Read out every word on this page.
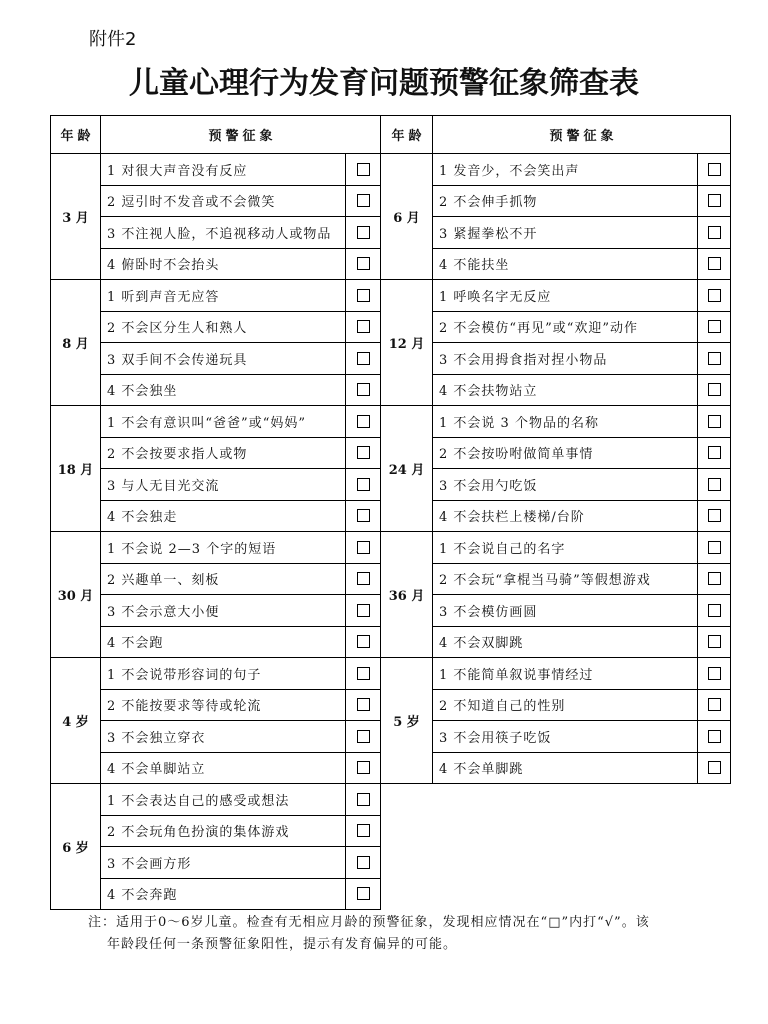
附件2
儿童心理行为发育问题预警征象筛查表
年龄	预警征象		年龄	预警征象	
3 月	1 对很大声音没有反应		6 月	1 发音少，不会笑出声	
	2 逗引时不发音或不会微笑			2 不会伸手抓物	
	3 不注视人脸，不追视移动人或物品			3 紧握拳松不开	
	4 俯卧时不会抬头			4 不能扶坐	
8 月	1 听到声音无应答		12 月	1 呼唤名字无反应	
	2 不会区分生人和熟人			2 不会模仿“再见”或“欢迎”动作	
	3 双手间不会传递玩具			3 不会用拇食指对捏小物品	
	4 不会独坐			4 不会扶物站立	
18 月	1 不会有意识叫“爸爸”或“妈妈”		24 月	1 不会说 3 个物品的名称	
	2 不会按要求指人或物			2 不会按吩咐做简单事情	
	3 与人无目光交流			3 不会用勺吃饭	
	4 不会独走			4 不会扶栏上楼梯/台阶	
30 月	1 不会说 2—3 个字的短语		36 月	1 不会说自己的名字	
	2 兴趣单一、刻板			2 不会玩“拿棍当马骑”等假想游戏	
	3 不会示意大小便			3 不会模仿画圆	
	4 不会跑			4 不会双脚跳	
4 岁	1 不会说带形容词的句子		5 岁	1 不能简单叙说事情经过	
	2 不能按要求等待或轮流			2 不知道自己的性别	
	3 不会独立穿衣			3 不会用筷子吃饭	
	4 不会单脚站立			4 不会单脚跳	
6 岁	1 不会表达自己的感受或想法				
	2 不会玩角色扮演的集体游戏				
	3 不会画方形				
	4 不会奔跑				
注：适用于0～6岁儿童。检查有无相应月龄的预警征象，发现相应情况在“□”内打“√”。该
年龄段任何一条预警征象阳性，提示有发育偏异的可能。
